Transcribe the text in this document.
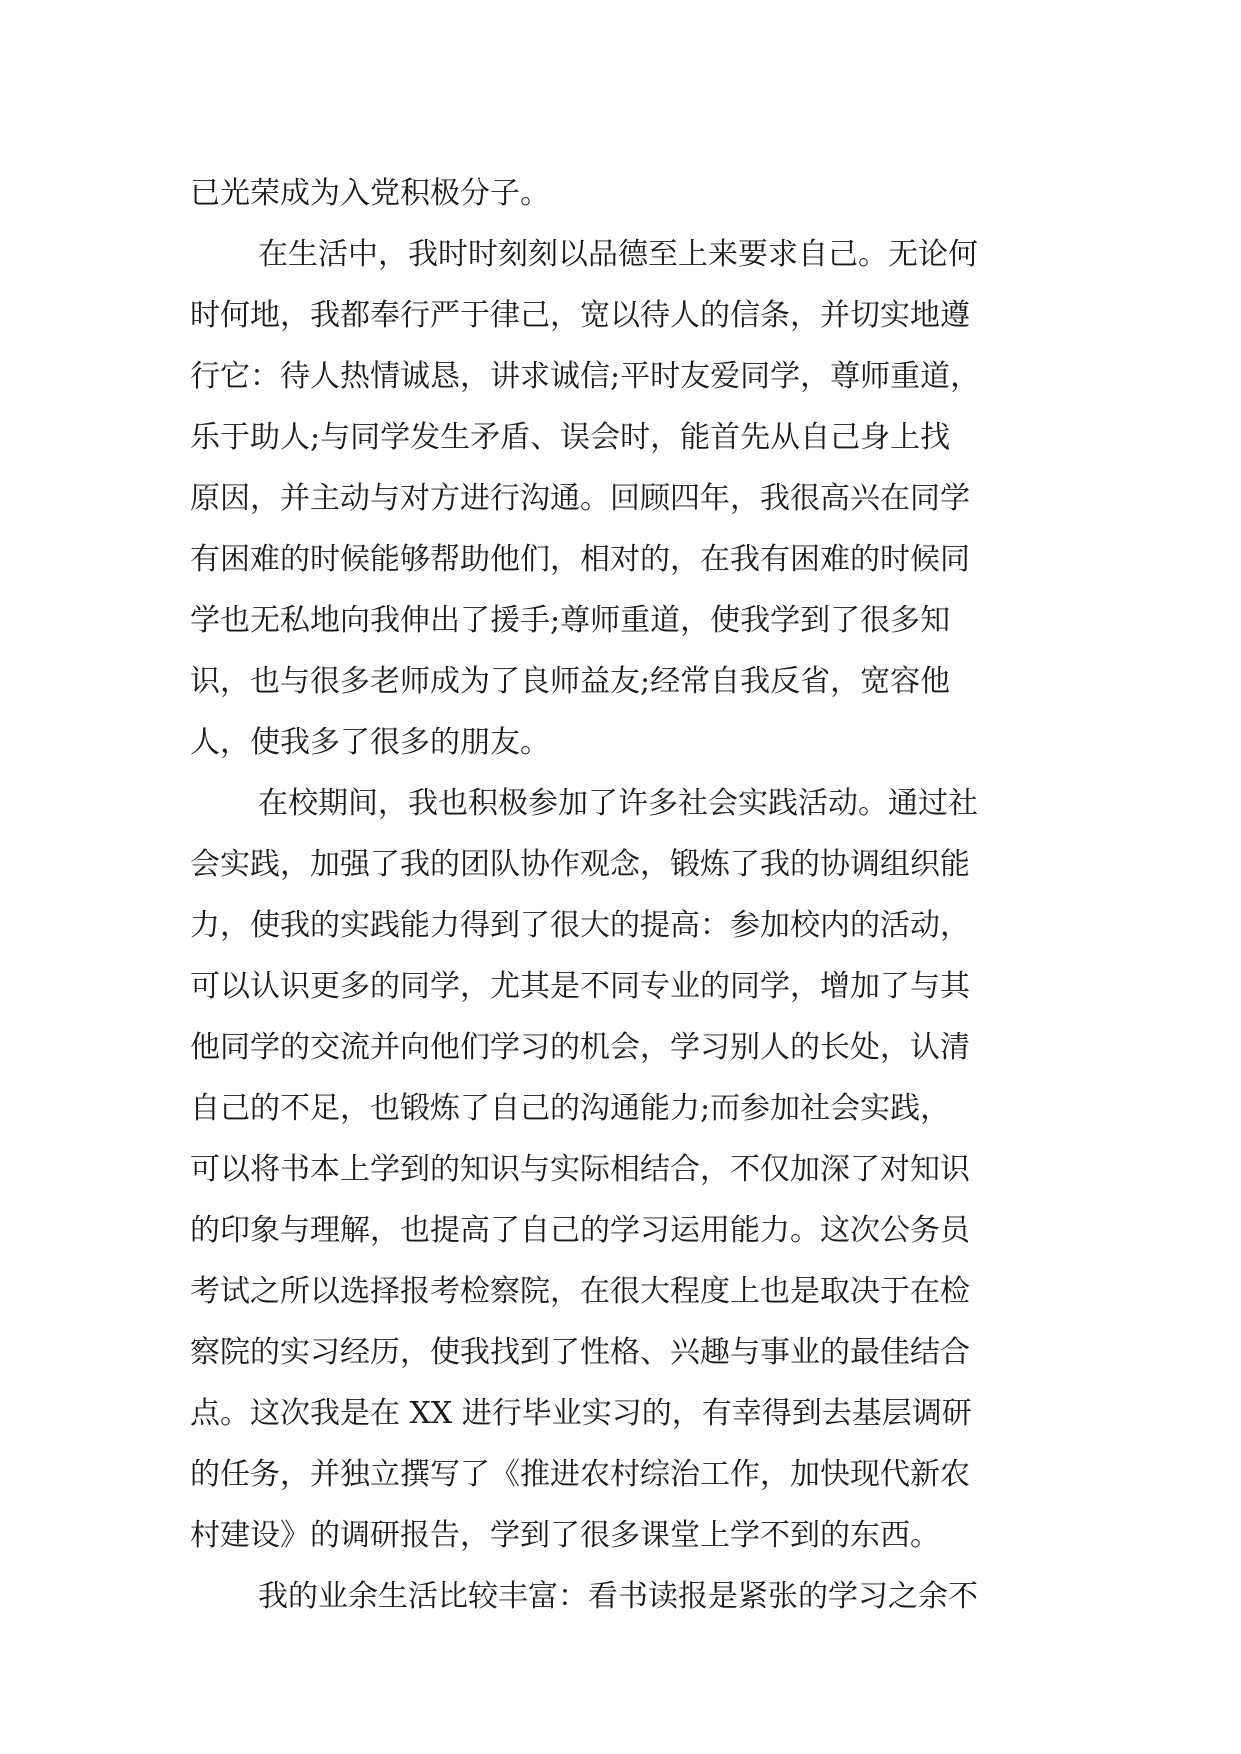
已光荣成为入党积极分子。
在生活中，我时时刻刻以品德至上来要求自己。无论何
时何地，我都奉行严于律己，宽以待人的信条，并切实地遵
行它：待人热情诚恳，讲求诚信;平时友爱同学，尊师重道，
乐于助人;与同学发生矛盾、误会时，能首先从自己身上找
原因，并主动与对方进行沟通。回顾四年，我很高兴在同学
有困难的时候能够帮助他们，相对的，在我有困难的时候同
学也无私地向我伸出了援手;尊师重道，使我学到了很多知
识，也与很多老师成为了良师益友;经常自我反省，宽容他
人，使我多了很多的朋友。
在校期间，我也积极参加了许多社会实践活动。通过社
会实践，加强了我的团队协作观念，锻炼了我的协调组织能
力，使我的实践能力得到了很大的提高：参加校内的活动，
可以认识更多的同学，尤其是不同专业的同学，增加了与其
他同学的交流并向他们学习的机会，学习别人的长处，认清
自己的不足，也锻炼了自己的沟通能力;而参加社会实践，
可以将书本上学到的知识与实际相结合，不仅加深了对知识
的印象与理解，也提高了自己的学习运用能力。这次公务员
考试之所以选择报考检察院，在很大程度上也是取决于在检
察院的实习经历，使我找到了性格、兴趣与事业的最佳结合
点。这次我是在 XX 进行毕业实习的，有幸得到去基层调研
的任务，并独立撰写了《推进农村综治工作，加快现代新农
村建设》的调研报告，学到了很多课堂上学不到的东西。
我的业余生活比较丰富：看书读报是紧张的学习之余不
